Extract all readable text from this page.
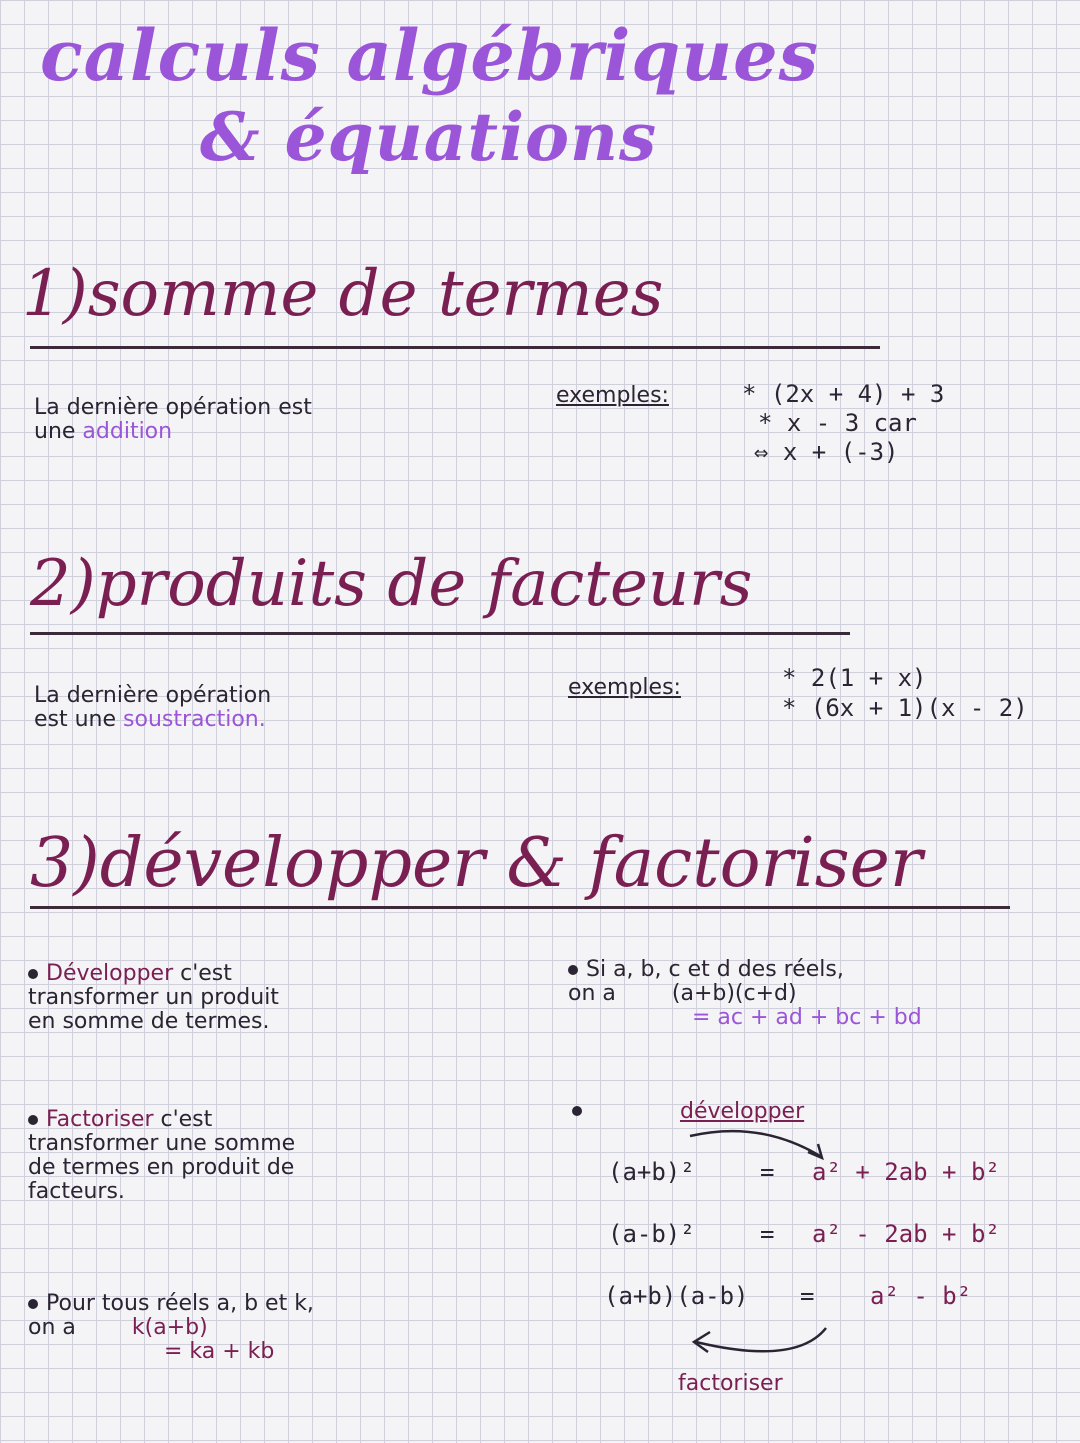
calculs algébriques
& équations
1)somme de termes
La dernière opération est
une addition
exemples:	* (2x + 4) + 3
* x - 3 car
⇔ x + (-3)
2)produits de facteurs
La dernière opération
est une soustraction.
exemples:	* 2(1 + x)
* (6x + 1)(x - 2)
3)développer & factoriser
Développer c'est
transformer un produit
en somme de termes.
Factoriser c'est
transformer une somme
de termes en produit de
facteurs.
Pour tous réels a, b et k,
on a	k(a+b)
= ka + kb
Si a, b, c et d des réels,
on a	(a+b)(c+d)
= ac + ad + bc + bd
développer
(a+b)²	= a² + 2ab + b²
(a-b)²	= a² - 2ab + b²
(a+b)(a-b) = a² - b²
factoriser
